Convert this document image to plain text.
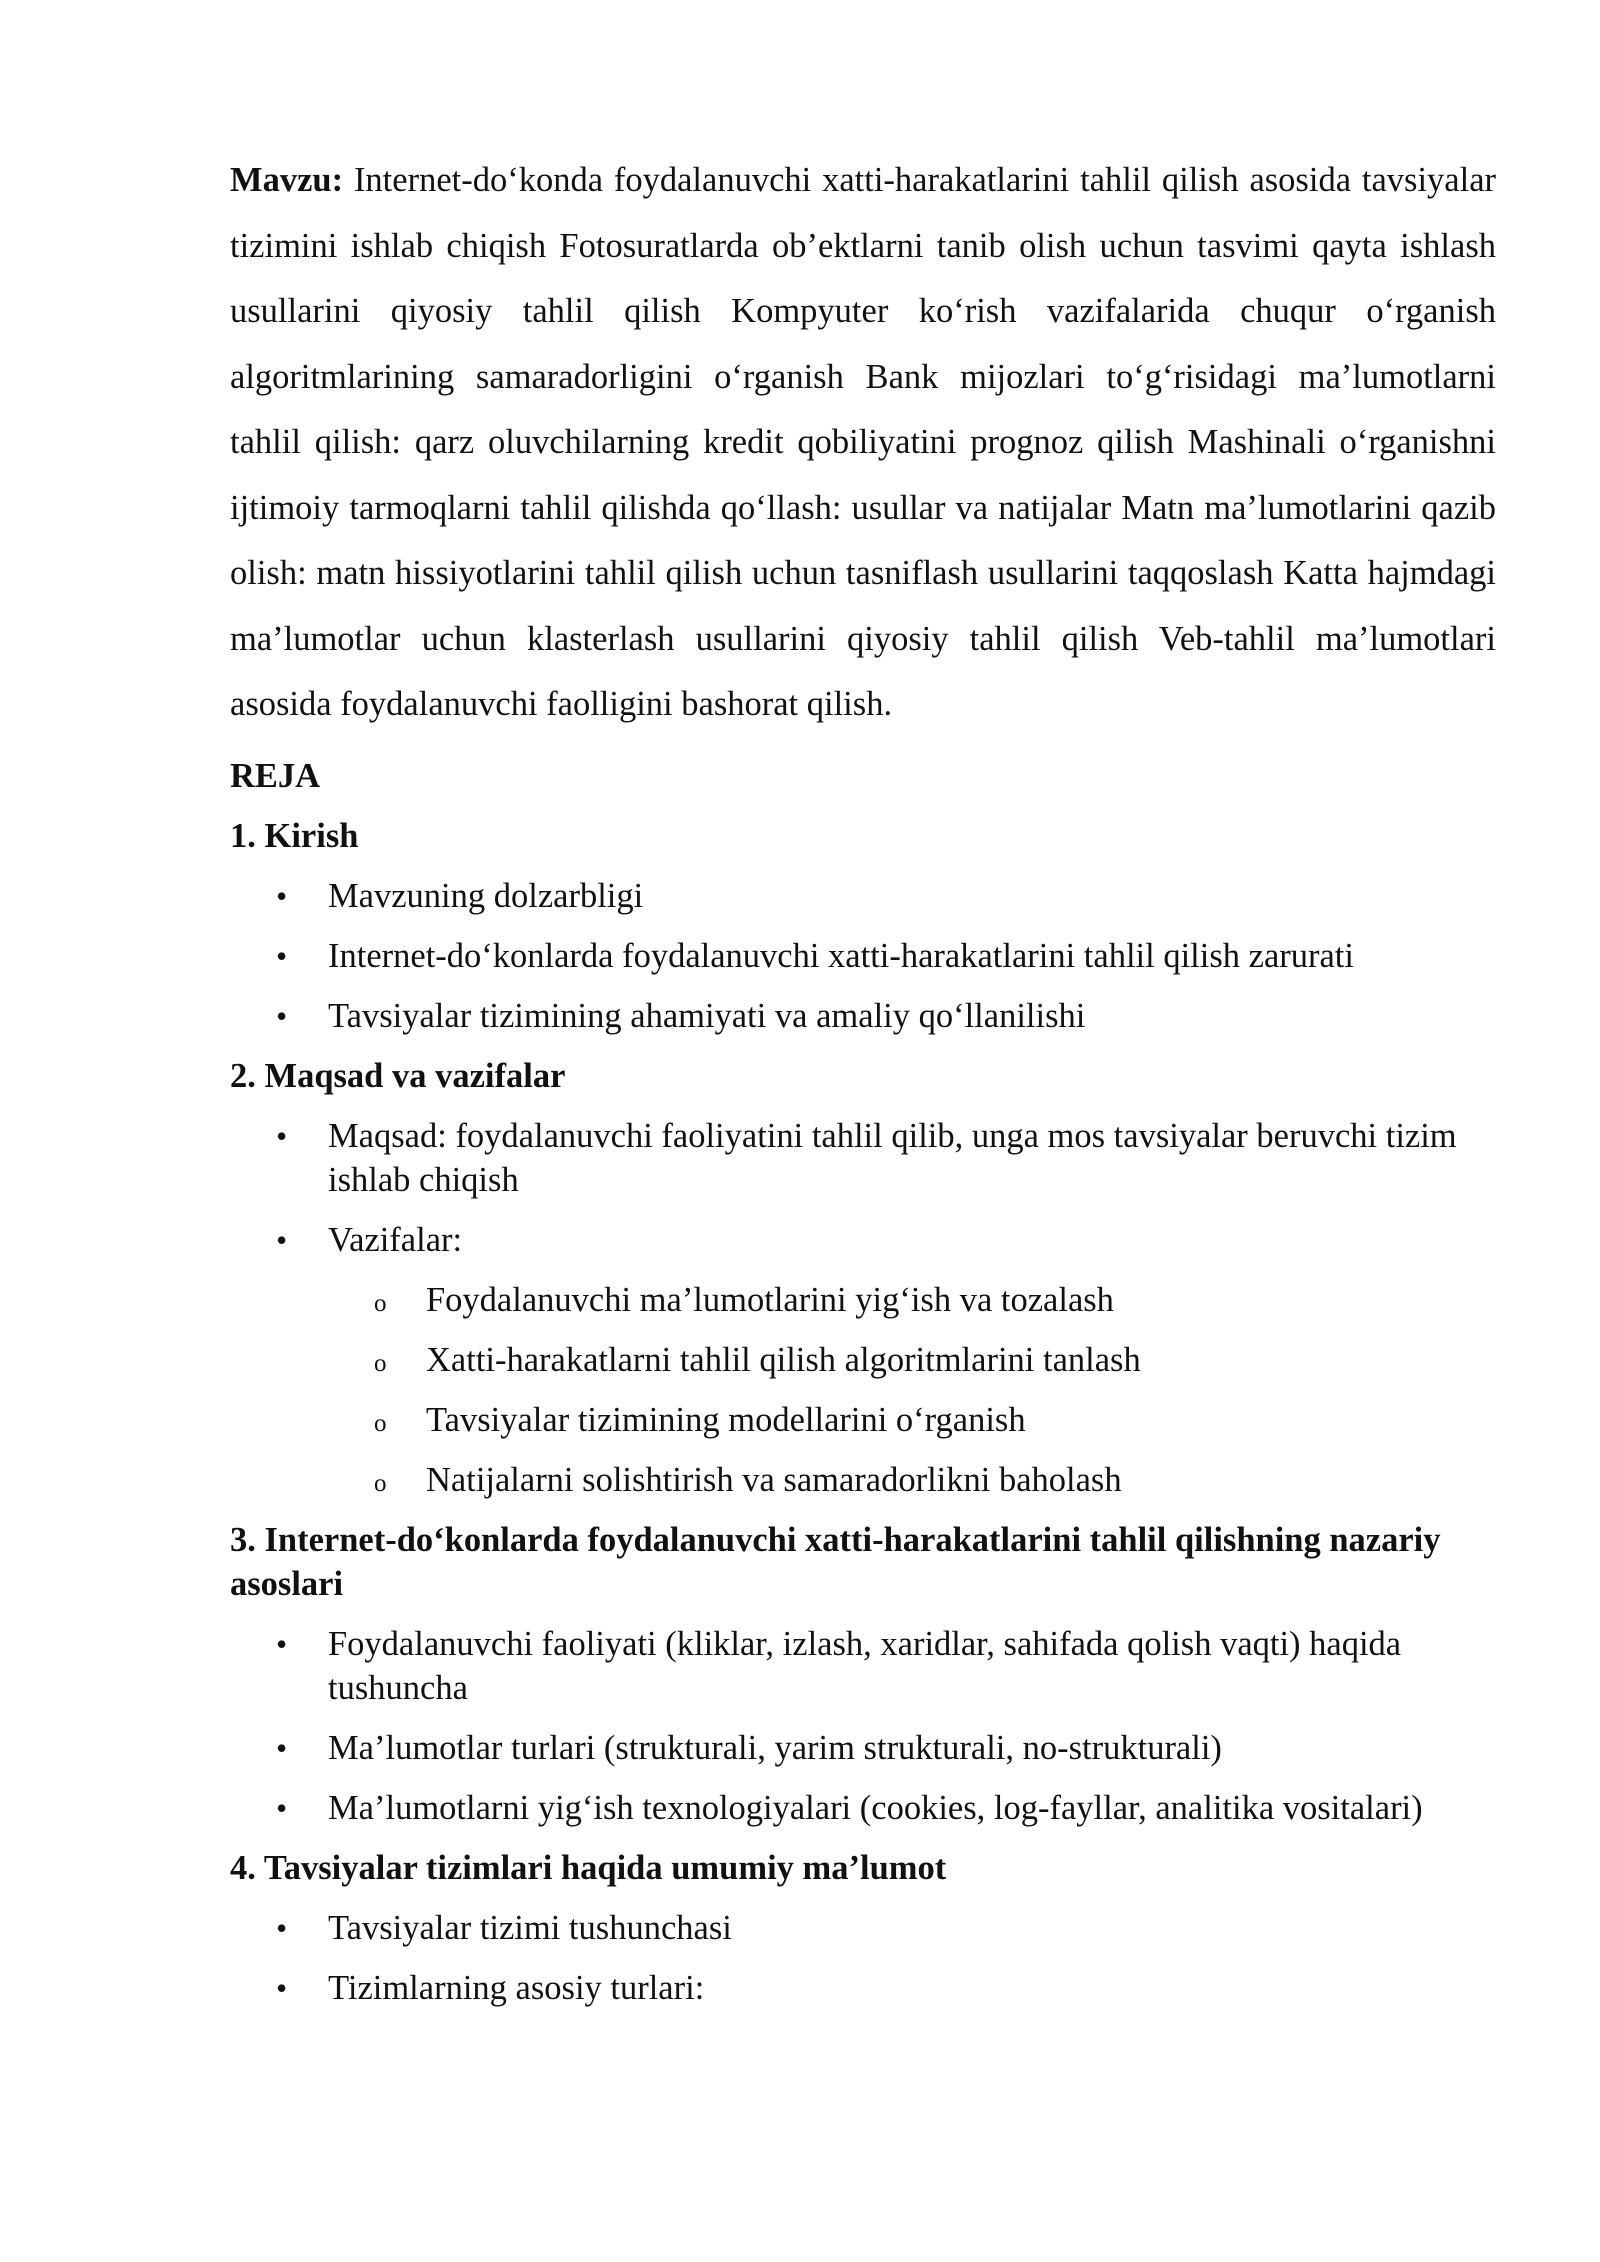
Mavzu: Internet-do‘konda foydalanuvchi xatti-harakatlarini tahlil qilish asosida tavsiyalar tizimini ishlab chiqish Fotosuratlarda ob’ektlarni tanib olish uchun tasvimi qayta ishlash usullarini qiyosiy tahlil qilish Kompyuter ko‘rish vazifalarida chuqur o‘rganish algoritmlarining samaradorligini o‘rganish Bank mijozlari to‘g‘risidagi ma’lumotlarni tahlil qilish: qarz oluvchilarning kredit qobiliyatini prognoz qilish Mashinali o‘rganishni ijtimoiy tarmoqlarni tahlil qilishda qo‘llash: usullar va natijalar Matn ma’lumotlarini qazib olish: matn hissiyotlarini tahlil qilish uchun tasniflash usullarini taqqoslash Katta hajmdagi ma’lumotlar uchun klasterlash usullarini qiyosiy tahlil qilish Veb-tahlil ma’lumotlari asosida foydalanuvchi faolligini bashorat qilish.

REJA
1. Kirish
• Mavzuning dolzarbligi
• Internet-do‘konlarda foydalanuvchi xatti-harakatlarini tahlil qilish zarurati
• Tavsiyalar tizimining ahamiyati va amaliy qo‘llanilishi
2. Maqsad va vazifalar
• Maqsad: foydalanuvchi faoliyatini tahlil qilib, unga mos tavsiyalar beruvchi tizim ishlab chiqish
• Vazifalar:
o Foydalanuvchi ma’lumotlarini yig‘ish va tozalash
o Xatti-harakatlarni tahlil qilish algoritmlarini tanlash
o Tavsiyalar tizimining modellarini o‘rganish
o Natijalarni solishtirish va samaradorlikni baholash
3. Internet-do‘konlarda foydalanuvchi xatti-harakatlarini tahlil qilishning nazariy asoslari
• Foydalanuvchi faoliyati (kliklar, izlash, xaridlar, sahifada qolish vaqti) haqida tushuncha
• Ma’lumotlar turlari (strukturali, yarim strukturali, no-strukturali)
• Ma’lumotlarni yig‘ish texnologiyalari (cookies, log-fayllar, analitika vositalari)
4. Tavsiyalar tizimlari haqida umumiy ma’lumot
• Tavsiyalar tizimi tushunchasi
• Tizimlarning asosiy turlari:
